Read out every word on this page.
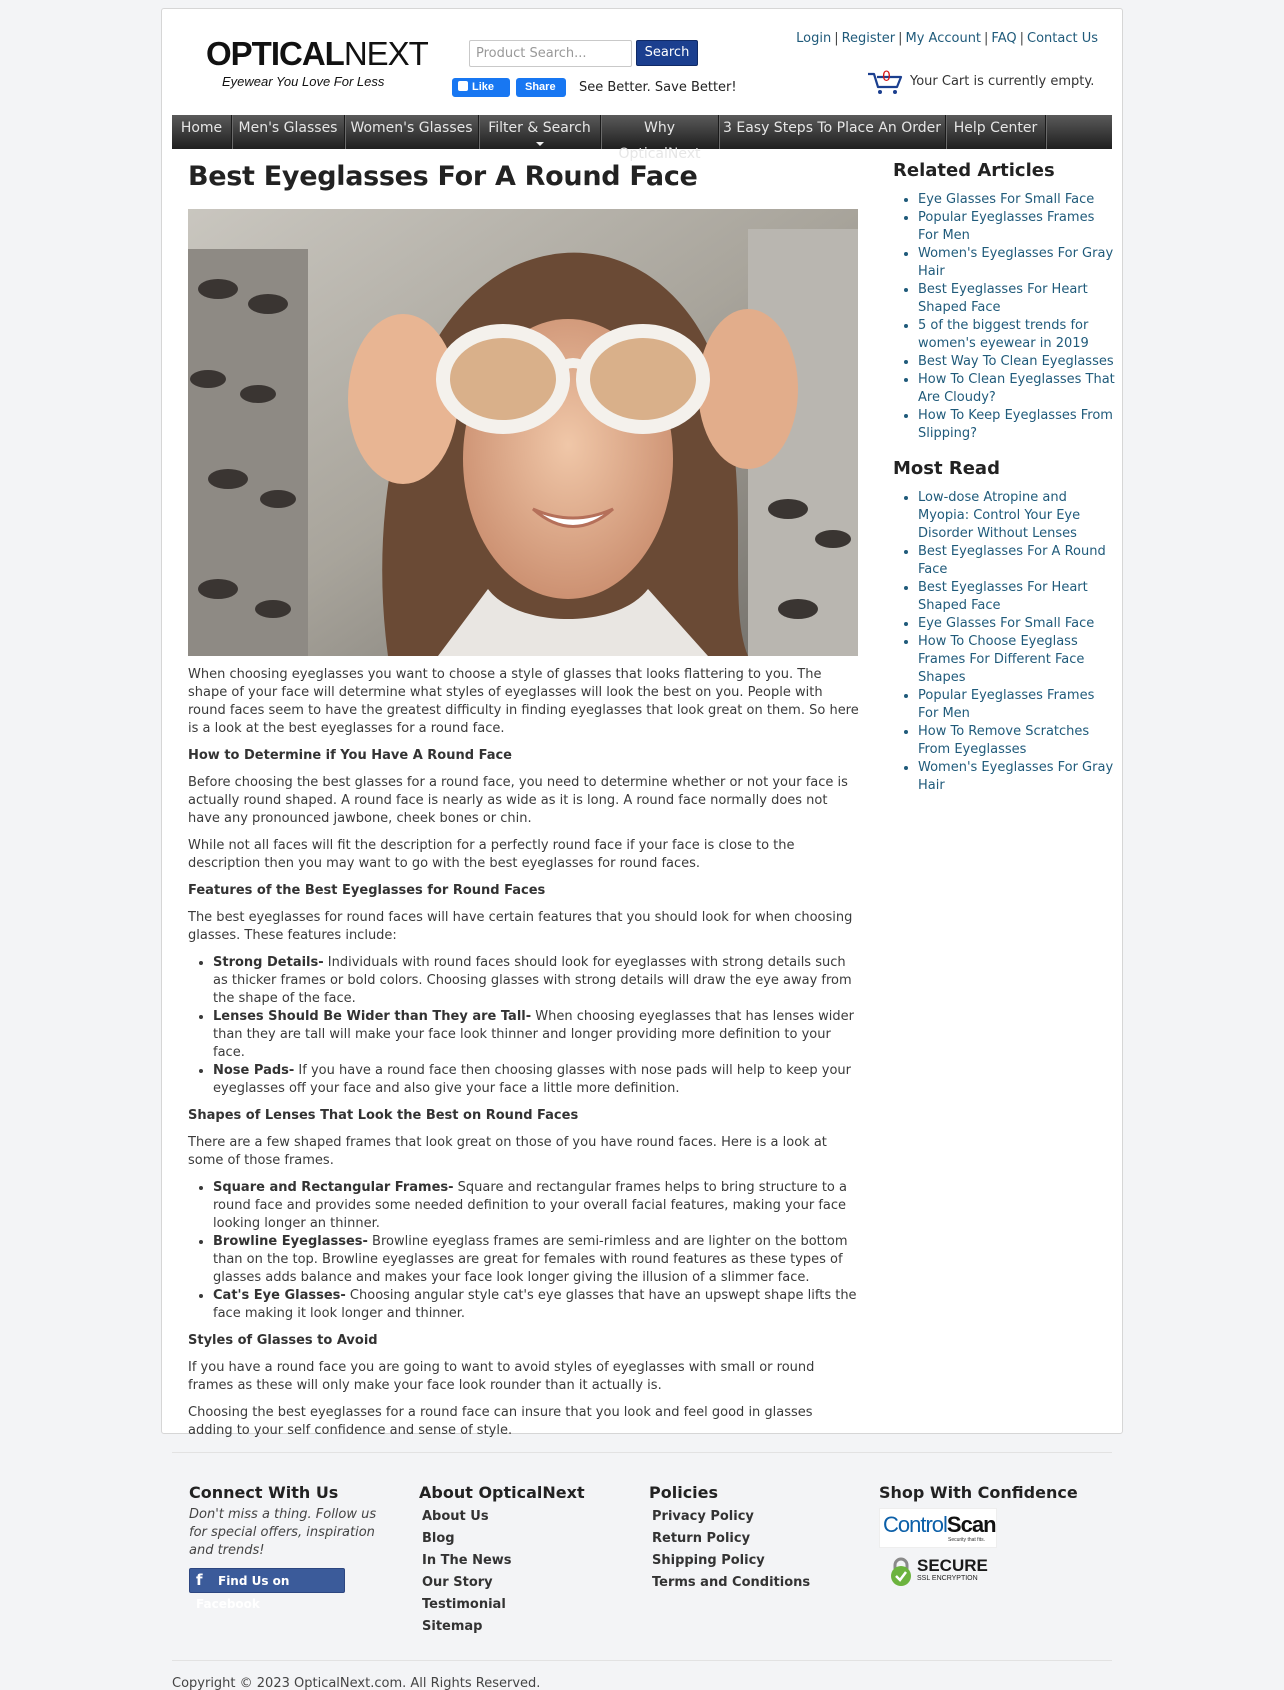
OPTICALNEXT
Eyewear You Love For Less
Product Search...	Search
Like	Share	See Better. Save Better!
Login | Register | My Account | FAQ | Contact Us
0 Your Cart is currently empty.
Home	Men's Glasses Women's Glasses	Filter & Search	Why OpticalNext
3 Easy Steps To Place An Order Help Center
Best Eyeglasses For A Round Face

When choosing eyeglasses you want to choose a style of glasses that looks flattering to you. The shape of your face will determine what styles of eyeglasses will look the best on you. People with round faces seem to have the greatest difficulty in finding eyeglasses that look great on them. So here is a look at the best eyeglasses for a round face.

How to Determine if You Have A Round Face

Before choosing the best glasses for a round face, you need to determine whether or not your face is actually round shaped. A round face is nearly as wide as it is long. A round face normally does not have any pronounced jawbone, cheek bones or chin.

While not all faces will fit the description for a perfectly round face if your face is close to the description then you may want to go with the best eyeglasses for round faces.

Features of the Best Eyeglasses for Round Faces

The best eyeglasses for round faces will have certain features that you should look for when choosing glasses. These features include:

• Strong Details- Individuals with round faces should look for eyeglasses with strong details such as thicker frames or bold colors. Choosing glasses with strong details will draw the eye away from the shape of the face.
• Lenses Should Be Wider than They are Tall- When choosing eyeglasses that has lenses wider than they are tall will make your face look thinner and longer providing more definition to your face.
• Nose Pads- If you have a round face then choosing glasses with nose pads will help to keep your eyeglasses off your face and also give your face a little more definition.
Shapes of Lenses That Look the Best on Round Faces

There are a few shaped frames that look great on those of you have round faces. Here is a look at some of those frames.

• Square and Rectangular Frames- Square and rectangular frames helps to bring structure to a round face and provides some needed definition to your overall facial features, making your face looking longer an thinner.
• Browline Eyeglasses- Browline eyeglass frames are semi-rimless and are lighter on the bottom than on the top. Browline eyeglasses are great for females with round features as these types of glasses adds balance and makes your face look longer giving the illusion of a slimmer face.
• Cat's Eye Glasses- Choosing angular style cat's eye glasses that have an upswept shape lifts the face making it look longer and thinner.
Styles of Glasses to Avoid

If you have a round face you are going to want to avoid styles of eyeglasses with small or round frames as these will only make your face look rounder than it actually is.

Choosing the best eyeglasses for a round face can insure that you look and feel good in glasses adding to your self confidence and sense of style.

Related Articles
• Eye Glasses For Small Face
• Popular Eyeglasses Frames For Men
• Women's Eyeglasses For Gray Hair
• Best Eyeglasses For Heart Shaped Face
• 5 of the biggest trends for women's eyewear in 2019
• Best Way To Clean Eyeglasses
• How To Clean Eyeglasses That Are Cloudy?
• How To Keep Eyeglasses From Slipping?
Most Read
• Low-dose Atropine and Myopia: Control Your Eye Disorder Without Lenses
• Best Eyeglasses For A Round Face
• Best Eyeglasses For Heart Shaped Face
• Eye Glasses For Small Face
• How To Choose Eyeglass Frames For Different Face Shapes
• Popular Eyeglasses Frames For Men
• How To Remove Scratches From Eyeglasses
• Women's Eyeglasses For Gray Hair
Connect With Us
Don't miss a thing. Follow us for special offers, inspiration and trends!
f Find Us on Facebook
About OpticalNext
About Us
Blog
In The News
Our Story
Testimonial
Sitemap
Policies
Privacy Policy
Return Policy
Shipping Policy
Terms and Conditions
Shop With Confidence
ControlScan
Security that fits.
SECURE
SSL ENCRYPTION
Copyright © 2023 OpticalNext.com. All Rights Reserved.
